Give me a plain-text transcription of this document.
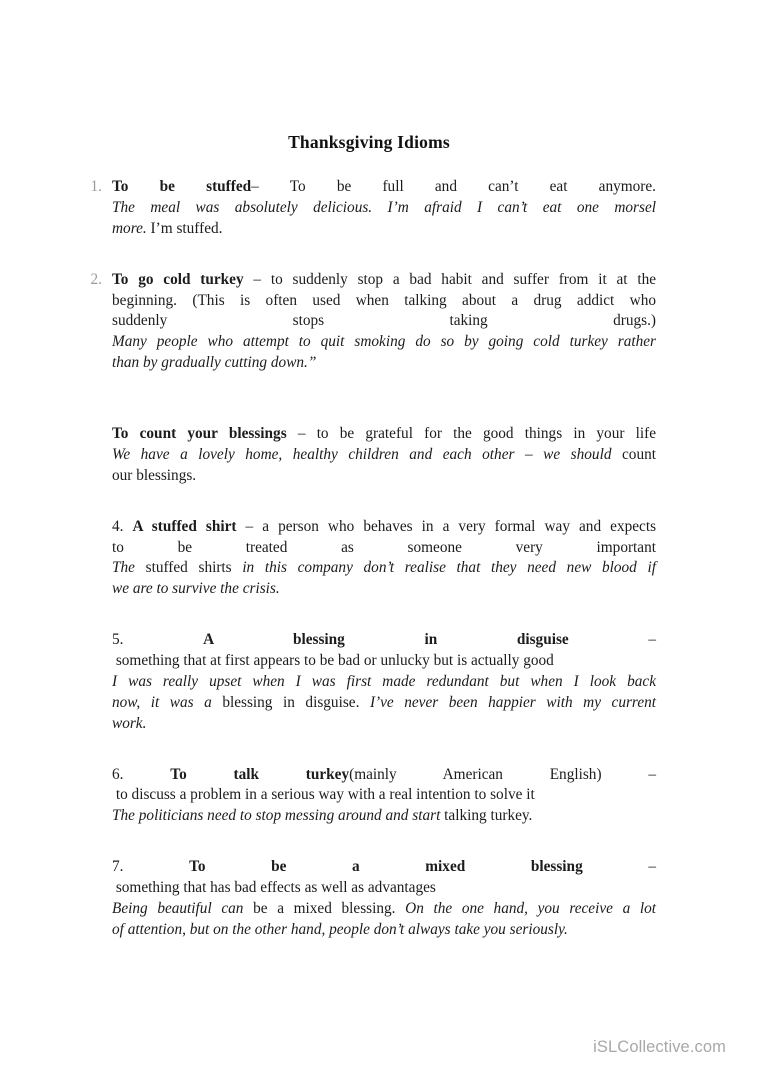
Thanksgiving Idioms
1. To be stuffed– To be full and can’t eat anymore.

The meal was absolutely delicious. I’m afraid I can’t eat one morsel

more. I’m stuffed.

2. To go cold turkey – to suddenly stop a bad habit and suffer from it at the

beginning. (This is often used when talking about a drug addict who

suddenly stops taking drugs.)

Many people who attempt to quit smoking do so by going cold turkey rather

than by gradually cutting down.”

To count your blessings – to be grateful for the good things in your life

We have a lovely home, healthy children and each other – we should count

our blessings.

4. A stuffed shirt – a person who behaves in a very formal way and expects

to be treated as someone very important

The stuffed shirts in this company don’t realise that they need new blood if

we are to survive the crisis.

5.	A blessing in disguise	–

something that at first appears to be bad or unlucky but is actually good

I was really upset when I was first made redundant but when I look back

now, it was a blessing in disguise. I’ve never been happier with my current

work.

6.	To talk turkey(mainly American English)	–

to discuss a problem in a serious way with a real intention to solve it

The politicians need to stop messing around and start talking turkey.

7.	To be a mixed blessing	–

something that has bad effects as well as advantages

Being beautiful can be a mixed blessing. On the one hand, you receive a lot

of attention, but on the other hand, people don’t always take you seriously.

iSLCollective.com
